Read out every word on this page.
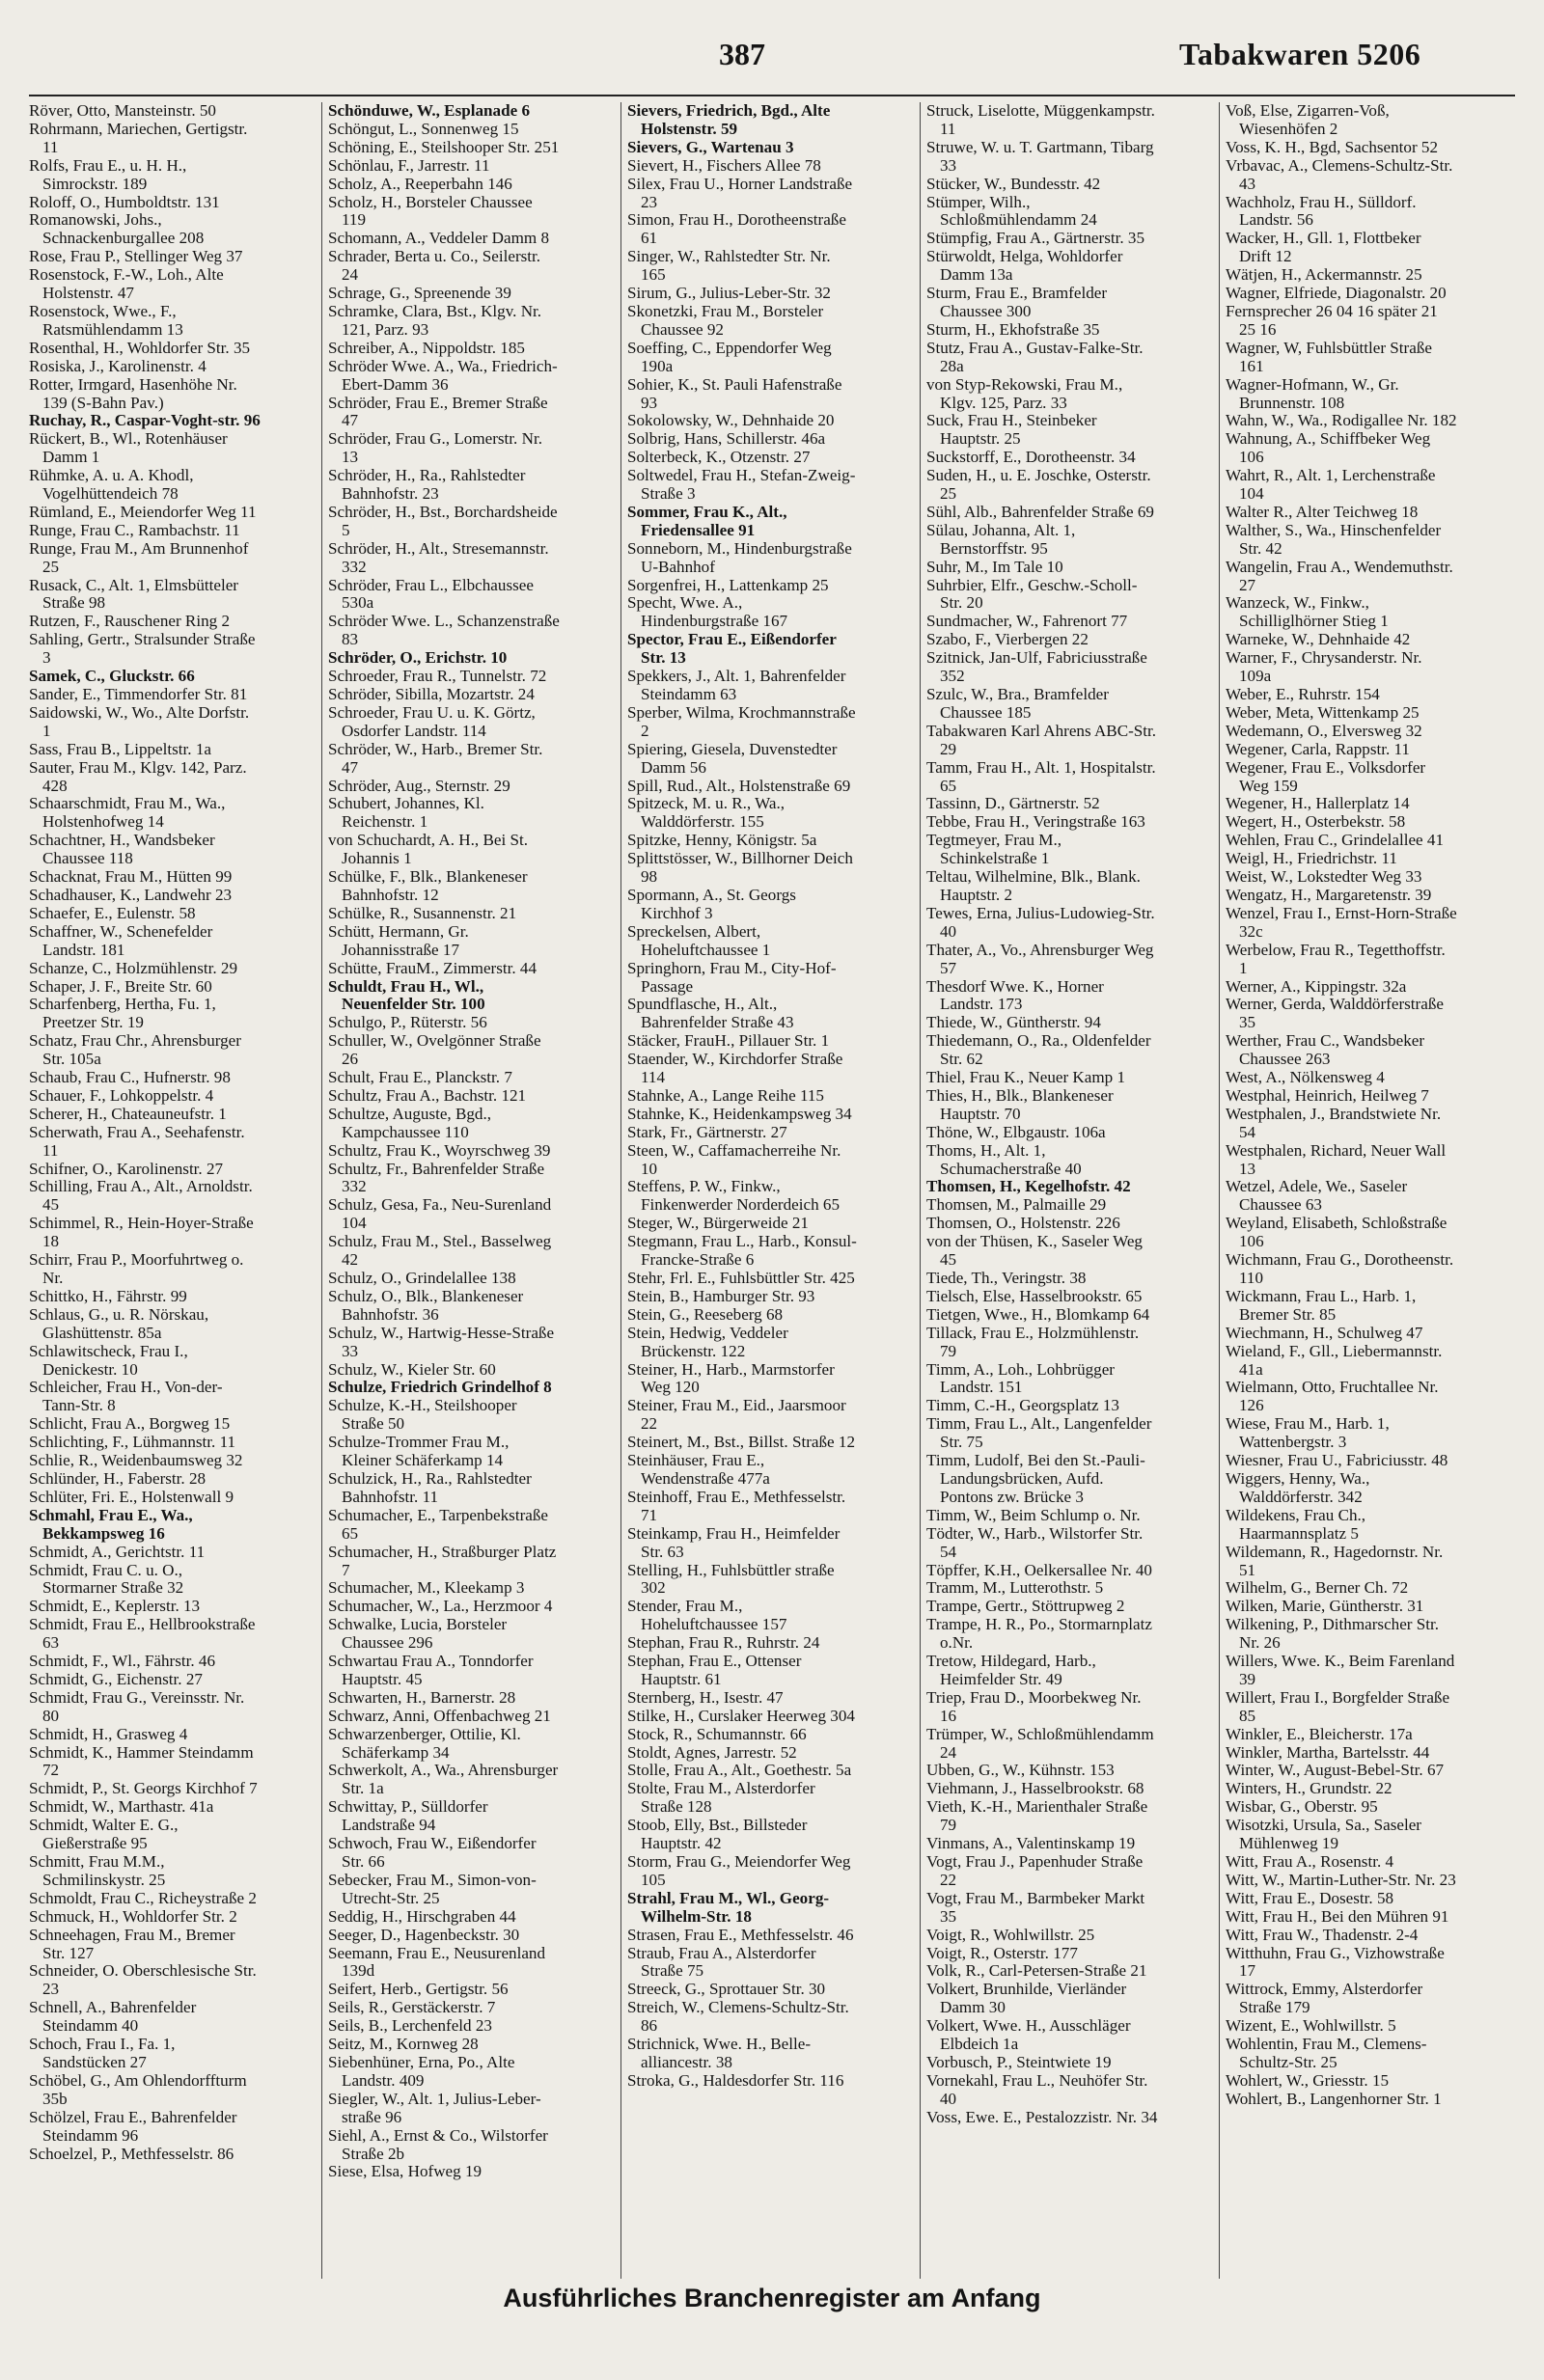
387	Tabakwaren 5206

Röver, Otto, Mansteinstr. 50

Rohrmann, Mariechen, Gertigstr. 11

Rolfs, Frau E., u. H. H., Simrockstr. 189

Roloff, O., Humboldtstr. 131

Romanowski, Johs., Schnackenburgallee 208

Rose, Frau P., Stellinger Weg 37

Rosenstock, F.-W., Loh., Alte Holstenstr. 47

Rosenstock, Wwe., F., Ratsmühlendamm 13

Rosenthal, H., Wohldorfer Str. 35

Rosiska, J., Karolinenstr. 4

Rotter, Irmgard, Hasenhöhe Nr. 139 (S-Bahn Pav.)

Ruchay, R., Caspar-Voght-str. 96

Rückert, B., Wl., Rotenhäuser Damm 1

Rühmke, A. u. A. Khodl, Vogelhüttendeich 78

Rümland, E., Meiendorfer Weg 11

Runge, Frau C., Rambachstr. 11

Runge, Frau M., Am Brunnenhof 25

Rusack, C., Alt. 1, Elmsbütteler Straße 98

Rutzen, F., Rauschener Ring 2

Sahling, Gertr., Stralsunder Straße 3

Samek, C., Gluckstr. 66

Sander, E., Timmendorfer Str. 81

Saidowski, W., Wo., Alte Dorfstr. 1

Sass, Frau B., Lippeltstr. 1a

Sauter, Frau M., Klgv. 142, Parz. 428

Schaarschmidt, Frau M., Wa., Holstenhofweg 14

Schachtner, H., Wandsbeker Chaussee 118

Schacknat, Frau M., Hütten 99

Schadhauser, K., Landwehr 23

Schaefer, E., Eulenstr. 58

Schaffner, W., Schenefelder Landstr. 181

Schanze, C., Holzmühlenstr. 29

Schaper, J. F., Breite Str. 60

Scharfenberg, Hertha, Fu. 1, Preetzer Str. 19

Schatz, Frau Chr., Ahrensburger Str. 105a

Schaub, Frau C., Hufnerstr. 98

Schauer, F., Lohkoppelstr. 4

Scherer, H., Chateauneufstr. 1

Scherwath, Frau A., Seehafenstr. 11

Schifner, O., Karolinenstr. 27

Schilling, Frau A., Alt., Arnoldstr. 45

Schimmel, R., Hein-Hoyer-Straße 18

Schirr, Frau P., Moorfuhrtweg o. Nr.

Schittko, H., Fährstr. 99

Schlaus, G., u. R. Nörskau, Glashüttenstr. 85a

Schlawitscheck, Frau I., Denickestr. 10

Schleicher, Frau H., Von-der-Tann-Str. 8

Schlicht, Frau A., Borgweg 15

Schlichting, F., Lühmannstr. 11

Schlie, R., Weidenbaumsweg 32

Schlünder, H., Faberstr. 28

Schlüter, Fri. E., Holstenwall 9

Schmahl, Frau E., Wa., Bekkampsweg 16

Schmidt, A., Gerichtstr. 11

Schmidt, Frau C. u. O., Stormarner Straße 32

Schmidt, E., Keplerstr. 13

Schmidt, Frau E., Hellbrookstraße 63

Schmidt, F., Wl., Fährstr. 46

Schmidt, G., Eichenstr. 27

Schmidt, Frau G., Vereinsstr. Nr. 80

Schmidt, H., Grasweg 4

Schmidt, K., Hammer Steindamm 72

Schmidt, P., St. Georgs Kirchhof 7

Schmidt, W., Marthastr. 41a

Schmidt, Walter E. G., Gießerstraße 95

Schmitt, Frau M.M., Schmilinskystr. 25

Schmoldt, Frau C., Richeystraße 2

Schmuck, H., Wohldorfer Str. 2

Schneehagen, Frau M., Bremer Str. 127

Schneider, O. Oberschlesische Str. 23

Schnell, A., Bahrenfelder Steindamm 40

Schoch, Frau I., Fa. 1, Sandstücken 27

Schöbel, G., Am Ohlendorffturm 35b

Schölzel, Frau E., Bahrenfelder Steindamm 96

Schoelzel, P., Methfesselstr. 86

Schönduwe, W., Esplanade 6

Schöngut, L., Sonnenweg 15

Schöning, E., Steilshooper Str. 251

Schönlau, F., Jarrestr. 11

Scholz, A., Reeperbahn 146

Scholz, H., Borsteler Chaussee 119

Schomann, A., Veddeler Damm 8

Schrader, Berta u. Co., Seilerstr. 24

Schrage, G., Spreenende 39

Schramke, Clara, Bst., Klgv. Nr. 121, Parz. 93

Schreiber, A., Nippoldstr. 185

Schröder Wwe. A., Wa., Friedrich-Ebert-Damm 36

Schröder, Frau E., Bremer Straße 47

Schröder, Frau G., Lomerstr. Nr. 13

Schröder, H., Ra., Rahlstedter Bahnhofstr. 23

Schröder, H., Bst., Borchardsheide 5

Schröder, H., Alt., Stresemannstr. 332

Schröder, Frau L., Elbchaussee 530a

Schröder Wwe. L., Schanzenstraße 83

Schröder, O., Erichstr. 10

Schroeder, Frau R., Tunnelstr. 72

Schröder, Sibilla, Mozartstr. 24

Schroeder, Frau U. u. K. Görtz, Osdorfer Landstr. 114

Schröder, W., Harb., Bremer Str. 47

Schröder, Aug., Sternstr. 29

Schubert, Johannes, Kl. Reichenstr. 1

von Schuchardt, A. H., Bei St. Johannis 1

Schülke, F., Blk., Blankeneser Bahnhofstr. 12

Schülke, R., Susannenstr. 21

Schütt, Hermann, Gr. Johannisstraße 17

Schütte, FrauM., Zimmerstr. 44

Schuldt, Frau H., Wl., Neuenfelder Str. 100

Schulgo, P., Rüterstr. 56

Schuller, W., Ovelgönner Straße 26

Schult, Frau E., Planckstr. 7

Schultz, Frau A., Bachstr. 121

Schultze, Auguste, Bgd., Kampchaussee 110

Schultz, Frau K., Woyrschweg 39

Schultz, Fr., Bahrenfelder Straße 332

Schulz, Gesa, Fa., Neu-Surenland 104

Schulz, Frau M., Stel., Basselweg 42

Schulz, O., Grindelallee 138

Schulz, O., Blk., Blankeneser Bahnhofstr. 36

Schulz, W., Hartwig-Hesse-Straße 33

Schulz, W., Kieler Str. 60

Schulze, Friedrich Grindelhof 8

Schulze, K.-H., Steilshooper Straße 50

Schulze-Trommer Frau M., Kleiner Schäferkamp 14

Schulzick, H., Ra., Rahlstedter Bahnhofstr. 11

Schumacher, E., Tarpenbekstraße 65

Schumacher, H., Straßburger Platz 7

Schumacher, M., Kleekamp 3

Schumacher, W., La., Herzmoor 4

Schwalke, Lucia, Borsteler Chaussee 296

Schwartau Frau A., Tonndorfer Hauptstr. 45

Schwarten, H., Barnerstr. 28

Schwarz, Anni, Offenbachweg 21

Schwarzenberger, Ottilie, Kl. Schäferkamp 34

Schwerkolt, A., Wa., Ahrensburger Str. 1a

Schwittay, P., Sülldorfer Landstraße 94

Schwoch, Frau W., Eißendorfer Str. 66

Sebecker, Frau M., Simon-von-Utrecht-Str. 25

Seddig, H., Hirschgraben 44

Seeger, D., Hagenbeckstr. 30

Seemann, Frau E., Neusurenland 139d

Seifert, Herb., Gertigstr. 56

Seils, R., Gerstäckerstr. 7

Seils, B., Lerchenfeld 23

Seitz, M., Kornweg 28

Siebenhüner, Erna, Po., Alte Landstr. 409

Siegler, W., Alt. 1, Julius-Leber-straße 96

Siehl, A., Ernst & Co., Wilstorfer Straße 2b

Siese, Elsa, Hofweg 19

Sievers, Friedrich, Bgd., Alte Holstenstr. 59

Sievers, G., Wartenau 3

Sievert, H., Fischers Allee 78

Silex, Frau U., Horner Landstraße 23

Simon, Frau H., Dorotheenstraße 61

Singer, W., Rahlstedter Str. Nr. 165

Sirum, G., Julius-Leber-Str. 32

Skonetzki, Frau M., Borsteler Chaussee 92

Soeffing, C., Eppendorfer Weg 190a

Sohier, K., St. Pauli Hafenstraße 93

Sokolowsky, W., Dehnhaide 20

Solbrig, Hans, Schillerstr. 46a

Solterbeck, K., Otzenstr. 27

Soltwedel, Frau H., Stefan-Zweig-Straße 3

Sommer, Frau K., Alt., Friedensallee 91

Sonneborn, M., Hindenburgstraße U-Bahnhof

Sorgenfrei, H., Lattenkamp 25

Specht, Wwe. A., Hindenburgstraße 167

Spector, Frau E., Eißendorfer Str. 13

Spekkers, J., Alt. 1, Bahrenfelder Steindamm 63

Sperber, Wilma, Krochmannstraße 2

Spiering, Giesela, Duvenstedter Damm 56

Spill, Rud., Alt., Holstenstraße 69

Spitzeck, M. u. R., Wa., Walddörferstr. 155

Spitzke, Henny, Königstr. 5a

Splittstösser, W., Billhorner Deich 98

Spormann, A., St. Georgs Kirchhof 3

Spreckelsen, Albert, Hoheluftchaussee 1

Springhorn, Frau M., City-Hof-Passage

Spundflasche, H., Alt., Bahrenfelder Straße 43

Stäcker, FrauH., Pillauer Str. 1

Staender, W., Kirchdorfer Straße 114

Stahnke, A., Lange Reihe 115

Stahnke, K., Heidenkampsweg 34

Stark, Fr., Gärtnerstr. 27

Steen, W., Caffamacherreihe Nr. 10

Steffens, P. W., Finkw., Finkenwerder Norderdeich 65

Steger, W., Bürgerweide 21

Stegmann, Frau L., Harb., Konsul-Francke-Straße 6

Stehr, Frl. E., Fuhlsbüttler Str. 425

Stein, B., Hamburger Str. 93

Stein, G., Reeseberg 68

Stein, Hedwig, Veddeler Brückenstr. 122

Steiner, H., Harb., Marmstorfer Weg 120

Steiner, Frau M., Eid., Jaarsmoor 22

Steinert, M., Bst., Billst. Straße 12

Steinhäuser, Frau E., Wendenstraße 477a

Steinhoff, Frau E., Methfesselstr. 71

Steinkamp, Frau H., Heimfelder Str. 63

Stelling, H., Fuhlsbüttler straße 302

Stender, Frau M., Hoheluftchaussee 157

Stephan, Frau R., Ruhrstr. 24

Stephan, Frau E., Ottenser Hauptstr. 61

Sternberg, H., Isestr. 47

Stilke, H., Curslaker Heerweg 304

Stock, R., Schumannstr. 66

Stoldt, Agnes, Jarrestr. 52

Stolle, Frau A., Alt., Goethestr. 5a

Stolte, Frau M., Alsterdorfer Straße 128

Stoob, Elly, Bst., Billsteder Hauptstr. 42

Storm, Frau G., Meiendorfer Weg 105

Strahl, Frau M., Wl., Georg-Wilhelm-Str. 18

Strasen, Frau E., Methfesselstr. 46

Straub, Frau A., Alsterdorfer Straße 75

Streeck, G., Sprottauer Str. 30

Streich, W., Clemens-Schultz-Str. 86

Strichnick, Wwe. H., Belle-alliancestr. 38

Stroka, G., Haldesdorfer Str. 116

Struck, Liselotte, Müggenkampstr. 11

Struwe, W. u. T. Gartmann, Tibarg 33

Stücker, W., Bundesstr. 42

Stümper, Wilh., Schloßmühlendamm 24

Stümpfig, Frau A., Gärtnerstr. 35

Stürwoldt, Helga, Wohldorfer Damm 13a

Sturm, Frau E., Bramfelder Chaussee 300

Sturm, H., Ekhofstraße 35

Stutz, Frau A., Gustav-Falke-Str. 28a

von Styp-Rekowski, Frau M., Klgv. 125, Parz. 33

Suck, Frau H., Steinbeker Hauptstr. 25

Suckstorff, E., Dorotheenstr. 34

Suden, H., u. E. Joschke, Osterstr. 25

Sühl, Alb., Bahrenfelder Straße 69

Sülau, Johanna, Alt. 1, Bernstorffstr. 95

Suhr, M., Im Tale 10

Suhrbier, Elfr., Geschw.-Scholl-Str. 20

Sundmacher, W., Fahrenort 77

Szabo, F., Vierbergen 22

Szitnick, Jan-Ulf, Fabriciusstraße 352

Szulc, W., Bra., Bramfelder Chaussee 185

Tabakwaren Karl Ahrens ABC-Str. 29

Tamm, Frau H., Alt. 1, Hospitalstr. 65

Tassinn, D., Gärtnerstr. 52

Tebbe, Frau H., Veringstraße 163

Tegtmeyer, Frau M., Schinkelstraße 1

Teltau, Wilhelmine, Blk., Blank. Hauptstr. 2

Tewes, Erna, Julius-Ludowieg-Str. 40

Thater, A., Vo., Ahrensburger Weg 57

Thesdorf Wwe. K., Horner Landstr. 173

Thiede, W., Güntherstr. 94

Thiedemann, O., Ra., Oldenfelder Str. 62

Thiel, Frau K., Neuer Kamp 1

Thies, H., Blk., Blankeneser Hauptstr. 70

Thöne, W., Elbgaustr. 106a

Thoms, H., Alt. 1, Schumacherstraße 40

Thomsen, H., Kegelhofstr. 42

Thomsen, M., Palmaille 29

Thomsen, O., Holstenstr. 226

von der Thüsen, K., Saseler Weg 45

Tiede, Th., Veringstr. 38

Tielsch, Else, Hasselbrookstr. 65

Tietgen, Wwe., H., Blomkamp 64

Tillack, Frau E., Holzmühlenstr. 79

Timm, A., Loh., Lohbrügger Landstr. 151

Timm, C.-H., Georgsplatz 13

Timm, Frau L., Alt., Langenfelder Str. 75

Timm, Ludolf, Bei den St.-Pauli-Landungsbrücken, Aufd. Pontons zw. Brücke 3

Timm, W., Beim Schlump o. Nr.

Tödter, W., Harb., Wilstorfer Str. 54

Töpffer, K.H., Oelkersallee Nr. 40

Tramm, M., Lutterothstr. 5

Trampe, Gertr., Stöttrupweg 2

Trampe, H. R., Po., Stormarnplatz o.Nr.

Tretow, Hildegard, Harb., Heimfelder Str. 49

Triep, Frau D., Moorbekweg Nr. 16

Trümper, W., Schloßmühlendamm 24

Ubben, G., W., Kühnstr. 153

Viehmann, J., Hasselbrookstr. 68

Vieth, K.-H., Marienthaler Straße 79

Vinmans, A., Valentinskamp 19

Vogt, Frau J., Papenhuder Straße 22

Vogt, Frau M., Barmbeker Markt 35

Voigt, R., Wohlwillstr. 25

Voigt, R., Osterstr. 177

Volk, R., Carl-Petersen-Straße 21

Volkert, Brunhilde, Vierländer Damm 30

Volkert, Wwe. H., Ausschläger Elbdeich 1a

Vorbusch, P., Steintwiete 19

Vornekahl, Frau L., Neuhöfer Str. 40

Voss, Ewe. E., Pestalozzistr. Nr. 34

Voß, Else, Zigarren-Voß, Wiesenhöfen 2

Voss, K. H., Bgd, Sachsentor 52

Vrbavac, A., Clemens-Schultz-Str. 43

Wachholz, Frau H., Sülldorf. Landstr. 56

Wacker, H., Gll. 1, Flottbeker Drift 12

Wätjen, H., Ackermannstr. 25

Wagner, Elfriede, Diagonalstr. 20

Fernsprecher 26 04 16 später 21 25 16

Wagner, W, Fuhlsbüttler Straße 161

Wagner-Hofmann, W., Gr. Brunnenstr. 108

Wahn, W., Wa., Rodigallee Nr. 182

Wahnung, A., Schiffbeker Weg 106

Wahrt, R., Alt. 1, Lerchenstraße 104

Walter R., Alter Teichweg 18

Walther, S., Wa., Hinschenfelder Str. 42

Wangelin, Frau A., Wendemuthstr. 27

Wanzeck, W., Finkw., Schilliglhörner Stieg 1

Warneke, W., Dehnhaide 42

Warner, F., Chrysanderstr. Nr. 109a

Weber, E., Ruhrstr. 154

Weber, Meta, Wittenkamp 25

Wedemann, O., Elversweg 32

Wegener, Carla, Rappstr. 11

Wegener, Frau E., Volksdorfer Weg 159

Wegener, H., Hallerplatz 14

Wegert, H., Osterbekstr. 58

Wehlen, Frau C., Grindelallee 41

Weigl, H., Friedrichstr. 11

Weist, W., Lokstedter Weg 33

Wengatz, H., Margaretenstr. 39

Wenzel, Frau I., Ernst-Horn-Straße 32c

Werbelow, Frau R., Tegetthoffstr. 1

Werner, A., Kippingstr. 32a

Werner, Gerda, Walddörferstraße 35

Werther, Frau C., Wandsbeker Chaussee 263

West, A., Nölkensweg 4

Westphal, Heinrich, Heilweg 7

Westphalen, J., Brandstwiete Nr. 54

Westphalen, Richard, Neuer Wall 13

Wetzel, Adele, We., Saseler Chaussee 63

Weyland, Elisabeth, Schloßstraße 106

Wichmann, Frau G., Dorotheenstr. 110

Wickmann, Frau L., Harb. 1, Bremer Str. 85

Wiechmann, H., Schulweg 47

Wieland, F., Gll., Liebermannstr. 41a

Wielmann, Otto, Fruchtallee Nr. 126

Wiese, Frau M., Harb. 1, Wattenbergstr. 3

Wiesner, Frau U., Fabriciusstr. 48

Wiggers, Henny, Wa., Walddörferstr. 342

Wildekens, Frau Ch., Haarmannsplatz 5

Wildemann, R., Hagedornstr. Nr. 51

Wilhelm, G., Berner Ch. 72

Wilken, Marie, Güntherstr. 31

Wilkening, P., Dithmarscher Str. Nr. 26

Willers, Wwe. K., Beim Farenland 39

Willert, Frau I., Borgfelder Straße 85

Winkler, E., Bleicherstr. 17a

Winkler, Martha, Bartelsstr. 44

Winter, W., August-Bebel-Str. 67

Winters, H., Grundstr. 22

Wisbar, G., Oberstr. 95

Wisotzki, Ursula, Sa., Saseler Mühlenweg 19

Witt, Frau A., Rosenstr. 4

Witt, W., Martin-Luther-Str. Nr. 23

Witt, Frau E., Dosestr. 58

Witt, Frau H., Bei den Mühren 91

Witt, Frau W., Thadenstr. 2-4

Witthuhn, Frau G., Vizhowstraße 17

Wittrock, Emmy, Alsterdorfer Straße 179

Wizent, E., Wohlwillstr. 5

Wohlentin, Frau M., Clemens-Schultz-Str. 25

Wohlert, W., Griesstr. 15

Wohlert, B., Langenhorner Str. 1

Ausführliches Branchenregister am Anfang
